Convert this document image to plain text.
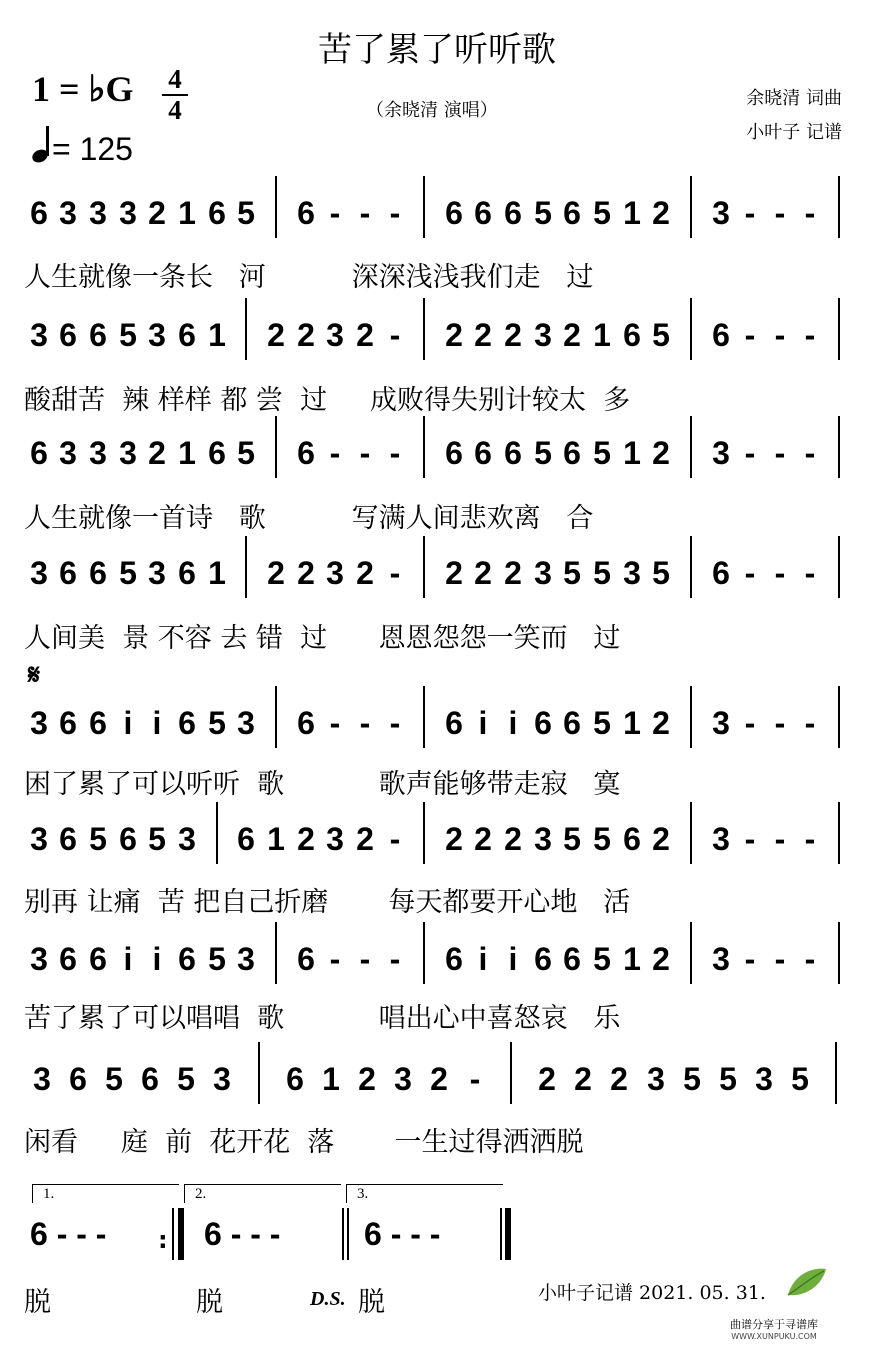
苦了累了听听歌
1 = ♭G 4
4
= 125
（余晓清 演唱）
余晓清 词曲
小叶子 记谱
𝄋
6 3 3 3 2 1 6 5 6 - - - 6 6 6 5 6 5 1 2 3 - - -
人生就像一条长   河          深深浅浅我们走   过
3 6 6 5 3 6 1 2 2 3 2 - 2 2 2 3 2 1 6 5 6 - - -
酸甜苦  辣 样样 都 尝  过     成败得失别计较太  多
6 3 3 3 2 1 6 5 6 - - - 6 6 6 5 6 5 1 2 3 - - -
人生就像一首诗   歌          写满人间悲欢离   合
3 6 6 5 3 6 1 2 2 3 2 - 2 2 2 3 5 5 3 5 6 - - -
人间美  景 不容 去 错  过      恩恩怨怨一笑而   过
3 6 6 i i 6 5 3 6 - - - 6 i i 6 6 5 1 2 3 - - -
困了累了可以听听  歌           歌声能够带走寂   寞
3 6 5 6 5 3 6 1 2 3 2 - 2 2 2 3 5 5 6 2 3 - - -
别再 让痛  苦 把自己折磨       每天都要开心地   活
3 6 6 i i 6 5 3 6 - - - 6 i i 6 6 5 1 2 3 - - -
苦了累了可以唱唱  歌           唱出心中喜怒哀   乐
3 6 5 6 5 3 6 1 2 3 2 - 2 2 2 3 5 5 3 5
闲看     庭  前  花开花  落       一生过得洒洒脱
1.	2.	3.
6 - - - : 6 - - -	6 - - -
脱	脱	D.S. 脱	小叶子记谱 2021. 05. 31.
曲谱分享于寻谱库
WWW.XUNPUKU.COM
